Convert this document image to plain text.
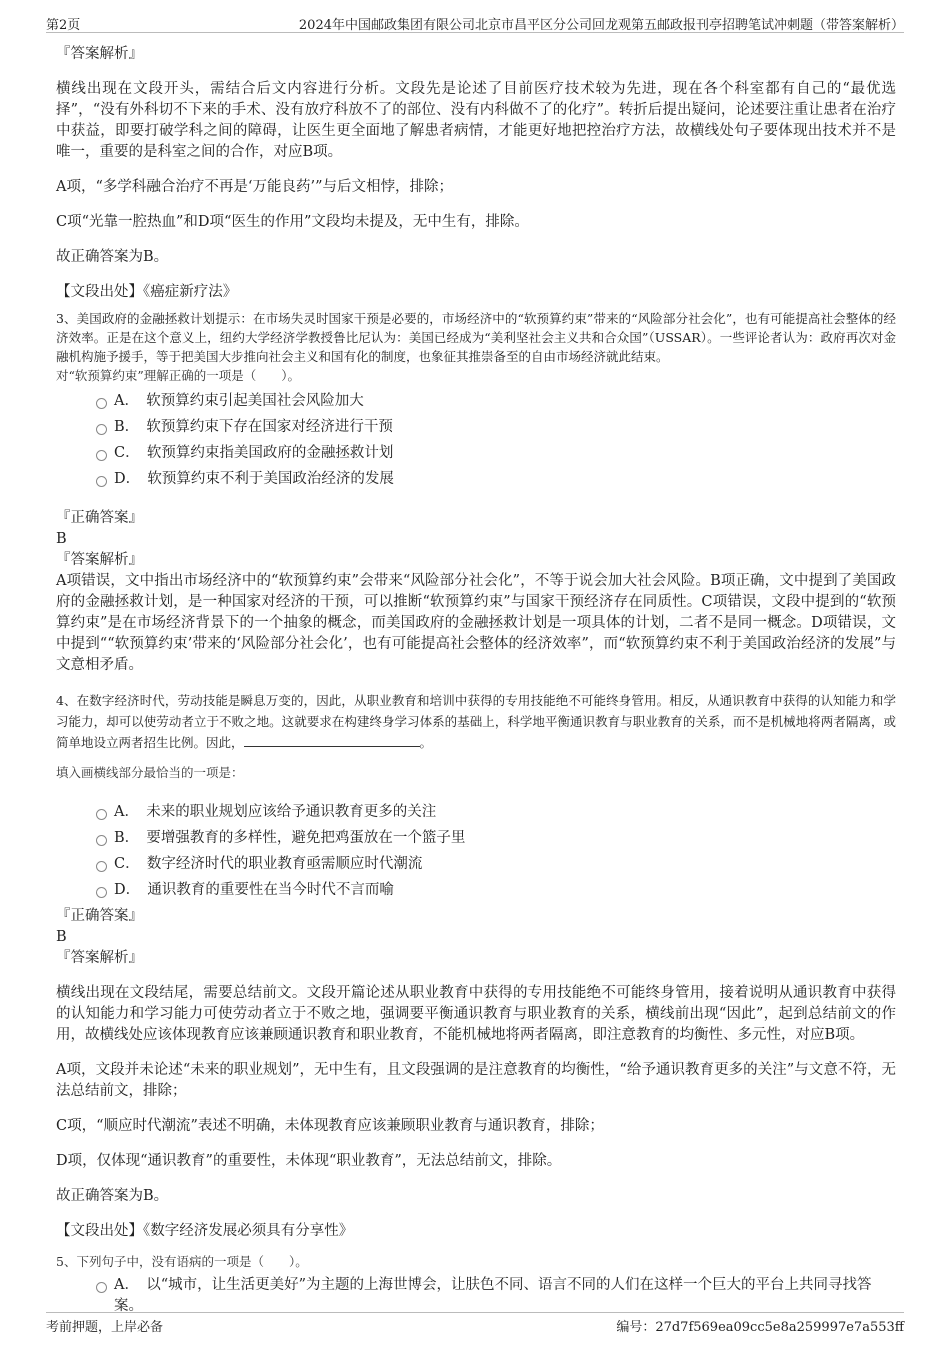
第2页	2024年中国邮政集团有限公司北京市昌平区分公司回龙观第五邮政报刊亭招聘笔试冲刺题（带答案解析）

『答案解析』

横线出现在文段开头，需结合后文内容进行分析。文段先是论述了目前医疗技术较为先进，现在各个科室都有自己的“最优选择”，“没有外科切不下来的手术、没有放疗科放不了的部位、没有内科做不了的化疗”。转折后提出疑问，论述要注重让患者在治疗中获益，即要打破学科之间的障碍，让医生更全面地了解患者病情，才能更好地把控治疗方法，故横线处句子要体现出技术并不是唯一，重要的是科室之间的合作，对应B项。

A项，“多学科融合治疗不再是‘万能良药’”与后文相悖，排除；

C项“光靠一腔热血”和D项“医生的作用”文段均未提及，无中生有，排除。

故正确答案为B。

【文段出处】《癌症新疗法》

3、美国政府的金融拯救计划提示：在市场失灵时国家干预是必要的，市场经济中的“软预算约束”带来的“风险部分社会化”，也有可能提高社会整体的经济效率。正是在这个意义上，纽约大学经济学教授鲁比尼认为：美国已经成为“美利坚社会主义共和合众国”（USSAR）。一些评论者认为：政府再次对金融机构施予援手，等于把美国大步推向社会主义和国有化的制度，也象征其推崇备至的自由市场经济就此结束。

对“软预算约束”理解正确的一项是（　　）。

A．　软预算约束引起美国社会风险加大
B．　软预算约束下存在国家对经济进行干预
C．　软预算约束指美国政府的金融拯救计划
D．　软预算约束不利于美国政治经济的发展

『正确答案』

B

『答案解析』

A项错误，文中指出市场经济中的“软预算约束”会带来“风险部分社会化”，不等于说会加大社会风险。B项正确，文中提到了美国政府的金融拯救计划，是一种国家对经济的干预，可以推断“软预算约束”与国家干预经济存在同质性。C项错误，文段中提到的“软预算约束”是在市场经济背景下的一个抽象的概念，而美国政府的金融拯救计划是一项具体的计划，二者不是同一概念。D项错误，文中提到““软预算约束’带来的‘风险部分社会化’，也有可能提高社会整体的经济效率”，而“软预算约束不利于美国政治经济的发展”与文意相矛盾。

4、在数字经济时代，劳动技能是瞬息万变的，因此，从职业教育和培训中获得的专用技能绝不可能终身管用。相反，从通识教育中获得的认知能力和学习能力，却可以使劳动者立于不败之地。这就要求在构建终身学习体系的基础上，科学地平衡通识教育与职业教育的关系，而不是机械地将两者隔离，或简单地设立两者招生比例。因此，	。

填入画横线部分最恰当的一项是：

A．　未来的职业规划应该给予通识教育更多的关注
B．　要增强教育的多样性，避免把鸡蛋放在一个篮子里
C．　数字经济时代的职业教育亟需顺应时代潮流
D．　通识教育的重要性在当今时代不言而喻

『正确答案』

B

『答案解析』

横线出现在文段结尾，需要总结前文。文段开篇论述从职业教育中获得的专用技能绝不可能终身管用，接着说明从通识教育中获得的认知能力和学习能力可使劳动者立于不败之地，强调要平衡通识教育与职业教育的关系，横线前出现“因此”，起到总结前文的作用，故横线处应该体现教育应该兼顾通识教育和职业教育，不能机械地将两者隔离，即注意教育的均衡性、多元性，对应B项。

A项，文段并未论述“未来的职业规划”，无中生有，且文段强调的是注意教育的均衡性，“给予通识教育更多的关注”与文意不符，无法总结前文，排除；

C项，“顺应时代潮流”表述不明确，未体现教育应该兼顾职业教育与通识教育，排除；

D项，仅体现“通识教育”的重要性，未体现“职业教育”，无法总结前文，排除。

故正确答案为B。

【文段出处】《数字经济发展必须具有分享性》

5、下列句子中，没有语病的一项是（　　）。

A．　以“城市，让生活更美好”为主题的上海世博会，让肤色不同、语言不同的人们在这样一个巨大的平台上共同寻找答案。
考前押题，上岸必备	编号：27d7f569ea09cc5e8a259997e7a553ff
